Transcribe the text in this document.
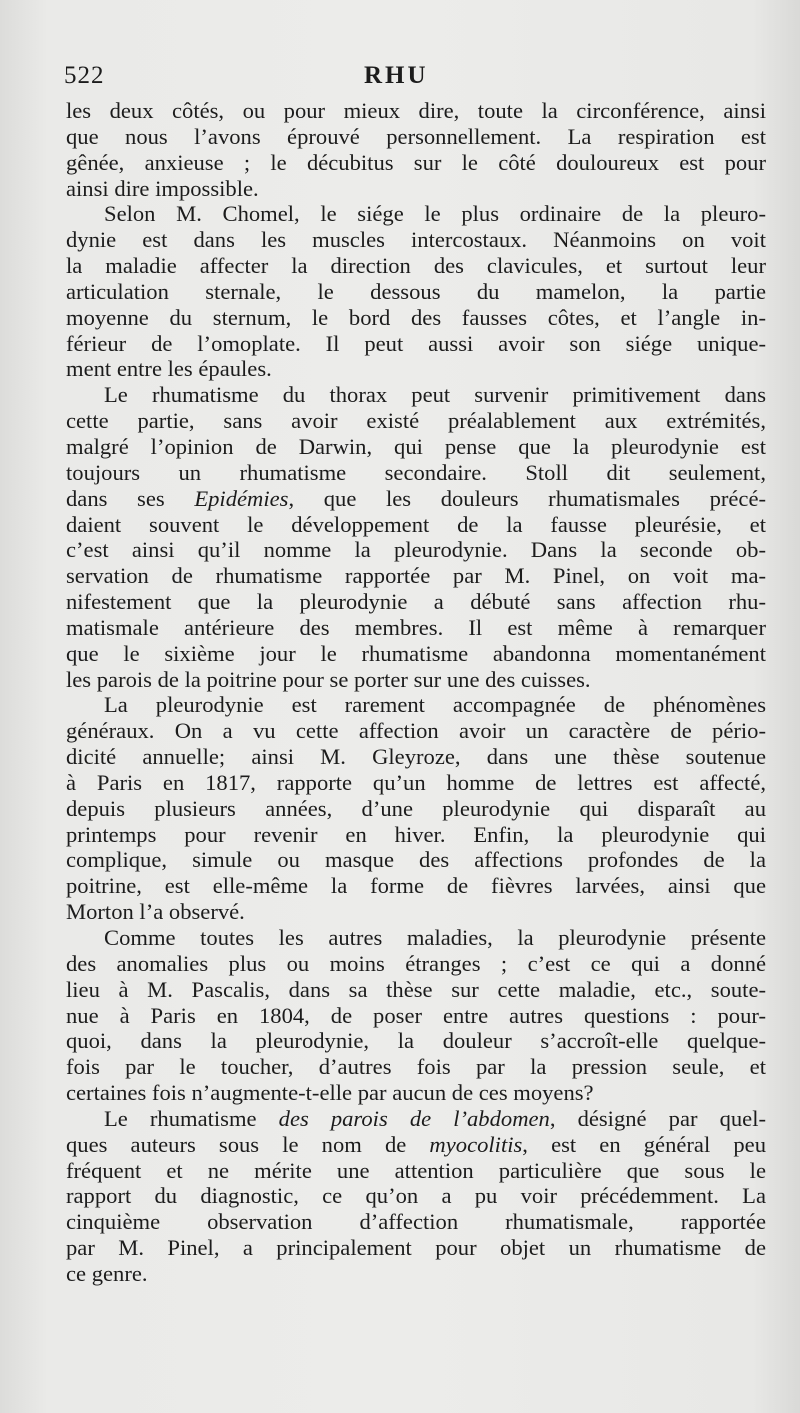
522	RHU

les deux côtés, ou pour mieux dire, toute la circonférence, ainsi

que nous l’avons éprouvé personnellement. La respiration est

gênée, anxieuse ; le décubitus sur le côté douloureux est pour

ainsi dire impossible.

Selon M. Chomel, le siége le plus ordinaire de la pleuro-

dynie est dans les muscles intercostaux. Néanmoins on voit

la maladie affecter la direction des clavicules, et surtout leur

articulation sternale, le dessous du mamelon, la partie

moyenne du sternum, le bord des fausses côtes, et l’angle in-

férieur de l’omoplate. Il peut aussi avoir son siége unique-

ment entre les épaules.

Le rhumatisme du thorax peut survenir primitivement dans

cette partie, sans avoir existé préalablement aux extrémités,

malgré l’opinion de Darwin, qui pense que la pleurodynie est

toujours un rhumatisme secondaire. Stoll dit seulement,

dans ses Epidémies, que les douleurs rhumatismales précé-

daient souvent le développement de la fausse pleurésie, et

c’est ainsi qu’il nomme la pleurodynie. Dans la seconde ob-

servation de rhumatisme rapportée par M. Pinel, on voit ma-

nifestement que la pleurodynie a débuté sans affection rhu-

matismale antérieure des membres. Il est même à remarquer

que le sixième jour le rhumatisme abandonna momentanément

les parois de la poitrine pour se porter sur une des cuisses.

La pleurodynie est rarement accompagnée de phénomènes

généraux. On a vu cette affection avoir un caractère de pério-

dicité annuelle; ainsi M. Gleyroze, dans une thèse soutenue

à Paris en 1817, rapporte qu’un homme de lettres est affecté,

depuis plusieurs années, d’une pleurodynie qui disparaît au

printemps pour revenir en hiver. Enfin, la pleurodynie qui

complique, simule ou masque des affections profondes de la

poitrine, est elle-même la forme de fièvres larvées, ainsi que

Morton l’a observé.

Comme toutes les autres maladies, la pleurodynie présente

des anomalies plus ou moins étranges ; c’est ce qui a donné

lieu à M. Pascalis, dans sa thèse sur cette maladie, etc., soute-

nue à Paris en 1804, de poser entre autres questions : pour-

quoi, dans la pleurodynie, la douleur s’accroît-elle quelque-

fois par le toucher, d’autres fois par la pression seule, et

certaines fois n’augmente-t-elle par aucun de ces moyens?

Le rhumatisme des parois de l’abdomen, désigné par quel-

ques auteurs sous le nom de myocolitis, est en général peu

fréquent et ne mérite une attention particulière que sous le

rapport du diagnostic, ce qu’on a pu voir précédemment. La

cinquième observation d’affection rhumatismale, rapportée

par M. Pinel, a principalement pour objet un rhumatisme de

ce genre.
